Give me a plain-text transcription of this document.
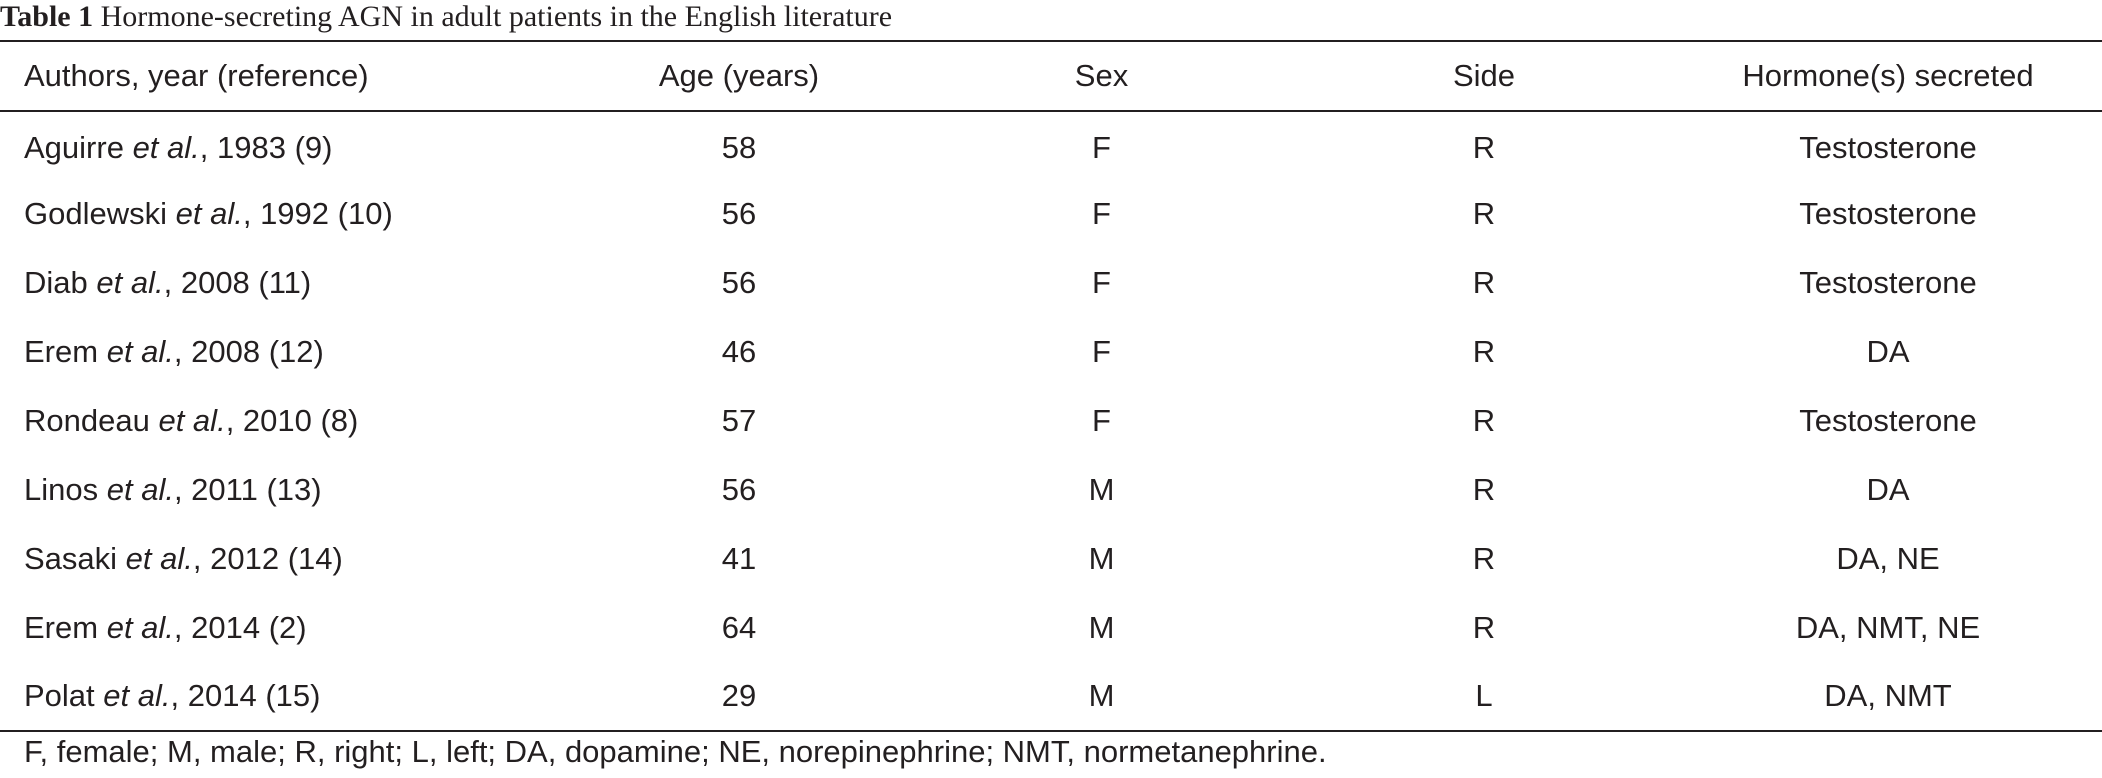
Table 1 Hormone-secreting AGN in adult patients in the English literature
Authors, year (reference)	Age (years)	Sex	Side	Hormone(s) secreted
Aguirre et al., 1983 (9)	58	F	R	Testosterone
Godlewski et al., 1992 (10)	56	F	R	Testosterone
Diab et al., 2008 (11)	56	F	R	Testosterone
Erem et al., 2008 (12)	46	F	R	DA
Rondeau et al., 2010 (8)	57	F	R	Testosterone
Linos et al., 2011 (13)	56	M	R	DA
Sasaki et al., 2012 (14)	41	M	R	DA, NE
Erem et al., 2014 (2)	64	M	R	DA, NMT, NE
Polat et al., 2014 (15)	29	M	L	DA, NMT
F, female; M, male; R, right; L, left; DA, dopamine; NE, norepinephrine; NMT, normetanephrine.
